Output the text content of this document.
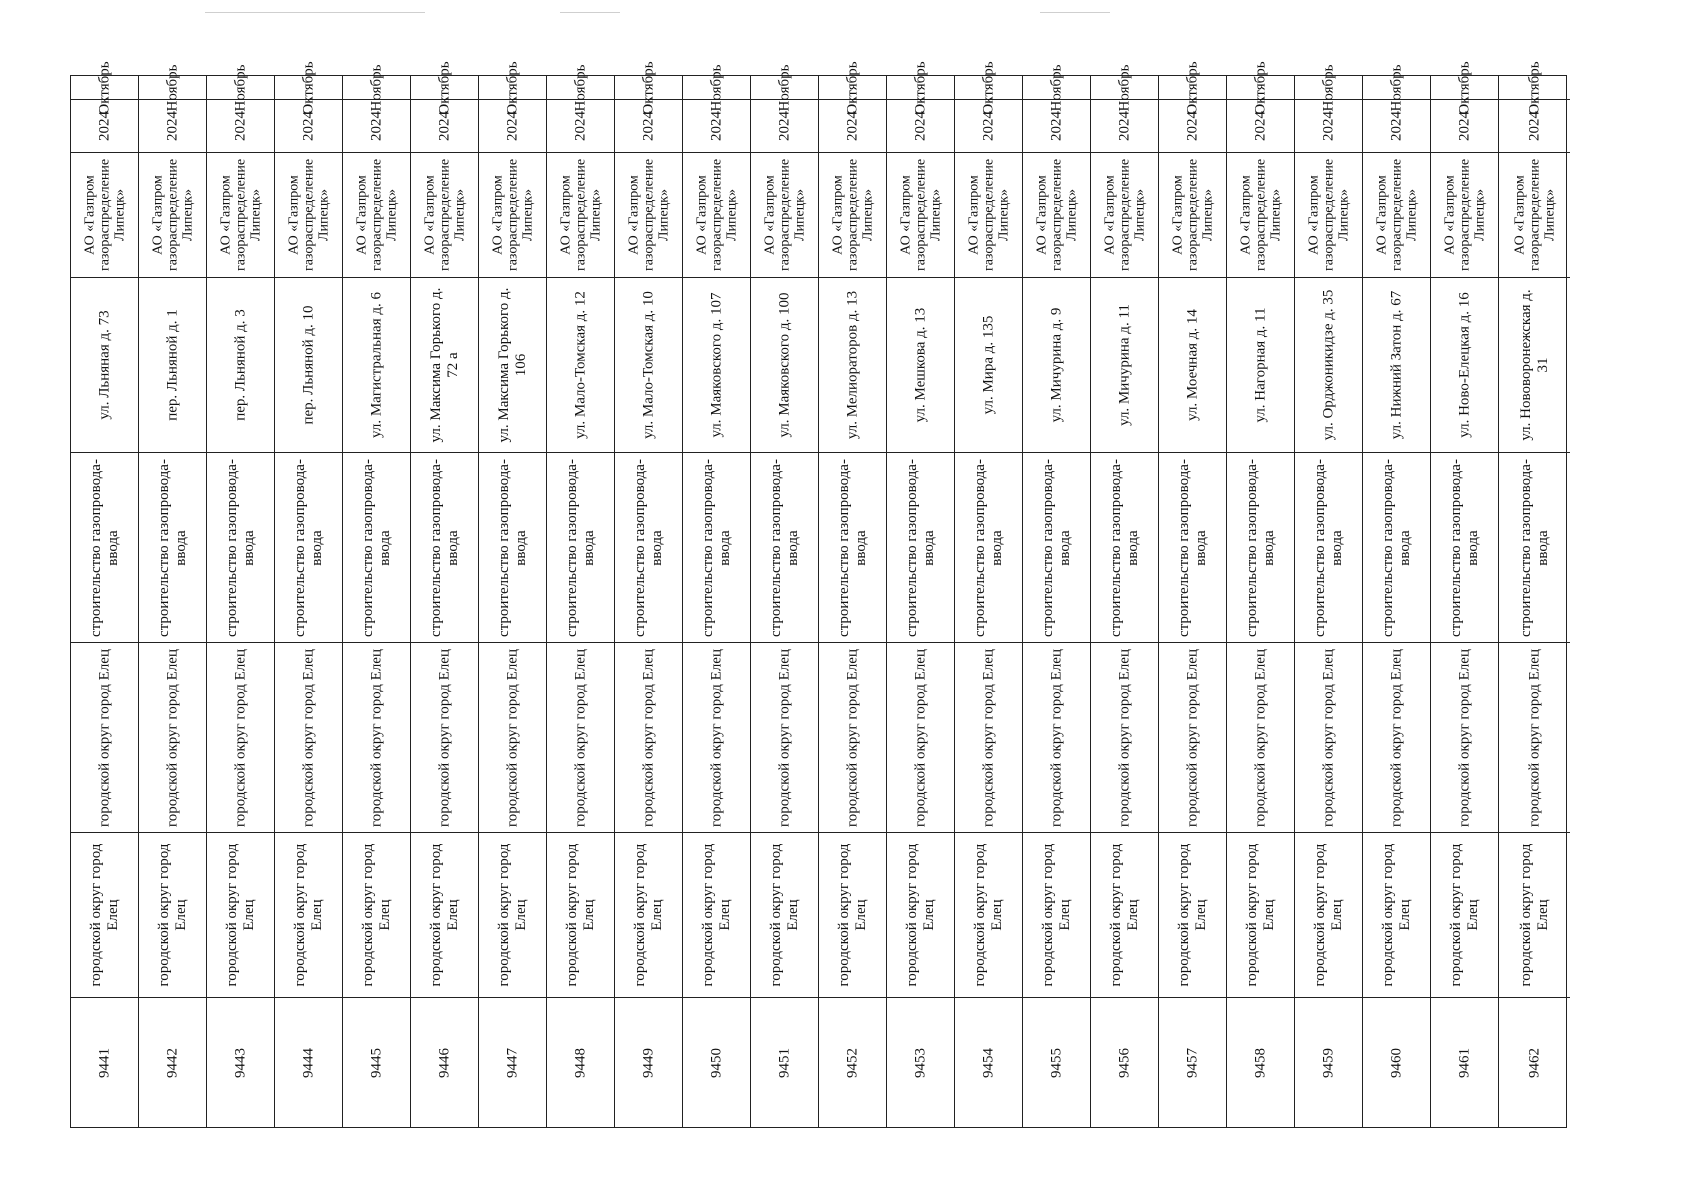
9441
городской округ город Елец
городской округ город Елец
строительство газопровода-ввода
ул. Льняная д. 73
АО «Газпром газораспределение Липецк»
2024
Октябрь
9442
городской округ город Елец
городской округ город Елец
строительство газопровода-ввода
пер. Льняной д. 1
АО «Газпром газораспределение Липецк»
2024
Ноябрь
9443
городской округ город Елец
городской округ город Елец
строительство газопровода-ввода
пер. Льняной д. 3
АО «Газпром газораспределение Липецк»
2024
Ноябрь
9444
городской округ город Елец
городской округ город Елец
строительство газопровода-ввода
пер. Льняной д. 10
АО «Газпром газораспределение Липецк»
2024
Октябрь
9445
городской округ город Елец
городской округ город Елец
строительство газопровода-ввода
ул. Магистральная д. 6
АО «Газпром газораспределение Липецк»
2024
Ноябрь
9446
городской округ город Елец
городской округ город Елец
строительство газопровода-ввода
ул. Максима Горького д. 72 а
АО «Газпром газораспределение Липецк»
2024
Октябрь
9447
городской округ город Елец
городской округ город Елец
строительство газопровода-ввода
ул. Максима Горького д. 106
АО «Газпром газораспределение Липецк»
2024
Октябрь
9448
городской округ город Елец
городской округ город Елец
строительство газопровода-ввода
ул. Мало-Томская д. 12
АО «Газпром газораспределение Липецк»
2024
Ноябрь
9449
городской округ город Елец
городской округ город Елец
строительство газопровода-ввода
ул. Мало-Томская д. 10
АО «Газпром газораспределение Липецк»
2024
Октябрь
9450
городской округ город Елец
городской округ город Елец
строительство газопровода-ввода
ул. Маяковского д. 107
АО «Газпром газораспределение Липецк»
2024
Ноябрь
9451
городской округ город Елец
городской округ город Елец
строительство газопровода-ввода
ул. Маяковского д. 100
АО «Газпром газораспределение Липецк»
2024
Ноябрь
9452
городской округ город Елец
городской округ город Елец
строительство газопровода-ввода
ул. Мелиораторов д. 13
АО «Газпром газораспределение Липецк»
2024
Октябрь
9453
городской округ город Елец
городской округ город Елец
строительство газопровода-ввода
ул. Мешкова д. 13
АО «Газпром газораспределение Липецк»
2024
Октябрь
9454
городской округ город Елец
городской округ город Елец
строительство газопровода-ввода
ул. Мира д. 135
АО «Газпром газораспределение Липецк»
2024
Октябрь
9455
городской округ город Елец
городской округ город Елец
строительство газопровода-ввода
ул. Мичурина д. 9
АО «Газпром газораспределение Липецк»
2024
Ноябрь
9456
городской округ город Елец
городской округ город Елец
строительство газопровода-ввода
ул. Мичурина д. 11
АО «Газпром газораспределение Липецк»
2024
Ноябрь
9457
городской округ город Елец
городской округ город Елец
строительство газопровода-ввода
ул. Моечная д. 14
АО «Газпром газораспределение Липецк»
2024
Октябрь
9458
городской округ город Елец
городской округ город Елец
строительство газопровода-ввода
ул. Нагорная д. 11
АО «Газпром газораспределение Липецк»
2024
Октябрь
9459
городской округ город Елец
городской округ город Елец
строительство газопровода-ввода
ул. Орджоникидзе д. 35
АО «Газпром газораспределение Липецк»
2024
Ноябрь
9460
городской округ город Елец
городской округ город Елец
строительство газопровода-ввода
ул. Нижний Затон д. 67
АО «Газпром газораспределение Липецк»
2024
Ноябрь
9461
городской округ город Елец
городской округ город Елец
строительство газопровода-ввода
ул. Ново-Елецкая д. 16
АО «Газпром газораспределение Липецк»
2024
Октябрь
9462
городской округ город Елец
городской округ город Елец
строительство газопровода-ввода
ул. Нововоронежская д. 31
АО «Газпром газораспределение Липецк»
2024
Октябрь
